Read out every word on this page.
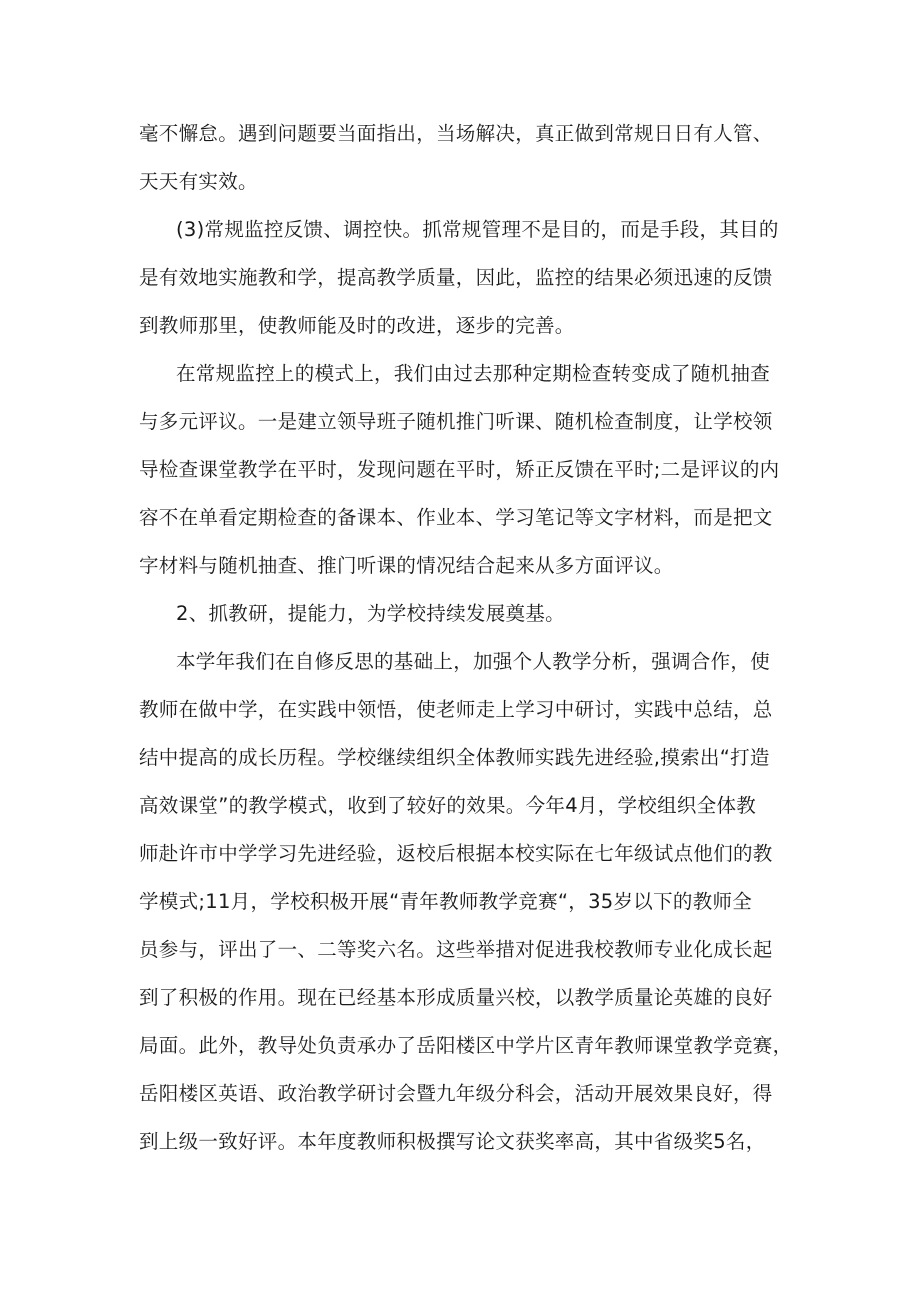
毫不懈怠。遇到问题要当面指出，当场解决，真正做到常规日日有人管、
天天有实效。
(3)常规监控反馈、调控快。抓常规管理不是目的，而是手段，其目的
是有效地实施教和学，提高教学质量，因此，监控的结果必须迅速的反馈
到教师那里，使教师能及时的改进，逐步的完善。
在常规监控上的模式上，我们由过去那种定期检查转变成了随机抽查
与多元评议。一是建立领导班子随机推门听课、随机检查制度，让学校领
导检查课堂教学在平时，发现问题在平时，矫正反馈在平时;二是评议的内
容不在单看定期检查的备课本、作业本、学习笔记等文字材料，而是把文
字材料与随机抽查、推门听课的情况结合起来从多方面评议。
2、抓教研，提能力，为学校持续发展奠基。
本学年我们在自修反思的基础上，加强个人教学分析，强调合作，使
教师在做中学，在实践中领悟，使老师走上学习中研讨，实践中总结，总
结中提高的成长历程。学校继续组织全体教师实践先进经验,摸索出“打造
高效课堂”的教学模式，收到了较好的效果。今年4月，学校组织全体教
师赴许市中学学习先进经验，返校后根据本校实际在七年级试点他们的教
学模式;11月，学校积极开展“青年教师教学竞赛“，35岁以下的教师全
员参与，评出了一、二等奖六名。这些举措对促进我校教师专业化成长起
到了积极的作用。现在已经基本形成质量兴校，以教学质量论英雄的良好
局面。此外，教导处负责承办了岳阳楼区中学片区青年教师课堂教学竞赛，
岳阳楼区英语、政治教学研讨会暨九年级分科会，活动开展效果良好，得
到上级一致好评。本年度教师积极撰写论文获奖率高，其中省级奖5名，
